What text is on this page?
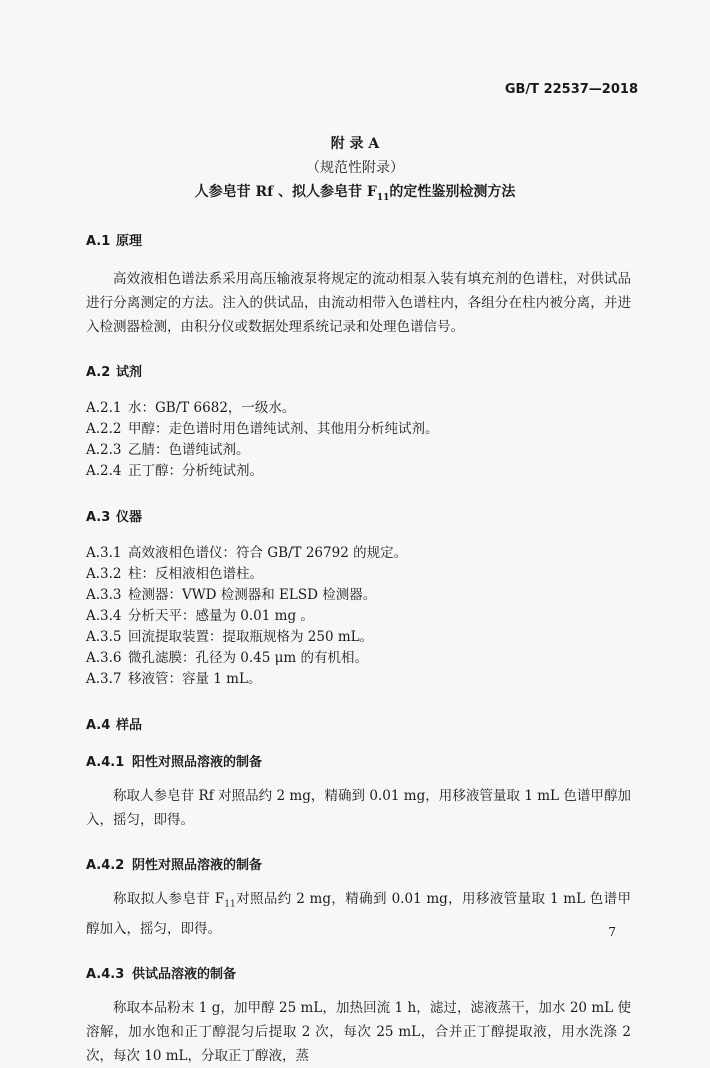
GB/T 22537—2018
附 录 A
（规范性附录）
人参皂苷 Rf 、拟人参皂苷 $F_{11}$的定性鉴别检测方法
A.1 原理

高效液相色谱法系采用高压输液泵将规定的流动相泵入装有填充剂的色谱柱，对供试品进行分离测定的方法。注入的供试品，由流动相带入色谱柱内，各组分在柱内被分离，并进入检测器检测，由积分仪或数据处理系统记录和处理色谱信号。

A.2 试剂
A.2.1 水：GB/T 6682，一级水。
A.2.2 甲醇：走色谱时用色谱纯试剂、其他用分析纯试剂。
A.2.3 乙腈：色谱纯试剂。
A.2.4 正丁醇：分析纯试剂。
A.3 仪器
A.3.1 高效液相色谱仪：符合 GB/T 26792 的规定。
A.3.2 柱：反相液相色谱柱。
A.3.3 检测器：VWD 检测器和 ELSD 检测器。
A.3.4 分析天平：感量为 0.01 mg 。
A.3.5 回流提取装置：提取瓶规格为 250 mL。
A.3.6 微孔滤膜：孔径为 0.45 μm 的有机相。
A.3.7 移液管：容量 1 mL。
A.4 样品
A.4.1 阳性对照品溶液的制备

称取人参皂苷 Rf 对照品约 2 mg，精确到 0.01 mg，用移液管量取 1 mL 色谱甲醇加入，摇匀，即得。

A.4.2 阴性对照品溶液的制备

称取拟人参皂苷 $F_{11}$对照品约 2 mg，精确到 0.01 mg，用移液管量取 1 mL 色谱甲醇加入，摇匀，即得。

A.4.3 供试品溶液的制备

称取本品粉末 1 g，加甲醇 25 mL，加热回流 1 h，滤过，滤液蒸干，加水 20 mL 使溶解，加水饱和正丁醇混匀后提取 2 次，每次 25 mL，合并正丁醇提取液，用水洗涤 2 次，每次 10 mL，分取正丁醇液，蒸

7
